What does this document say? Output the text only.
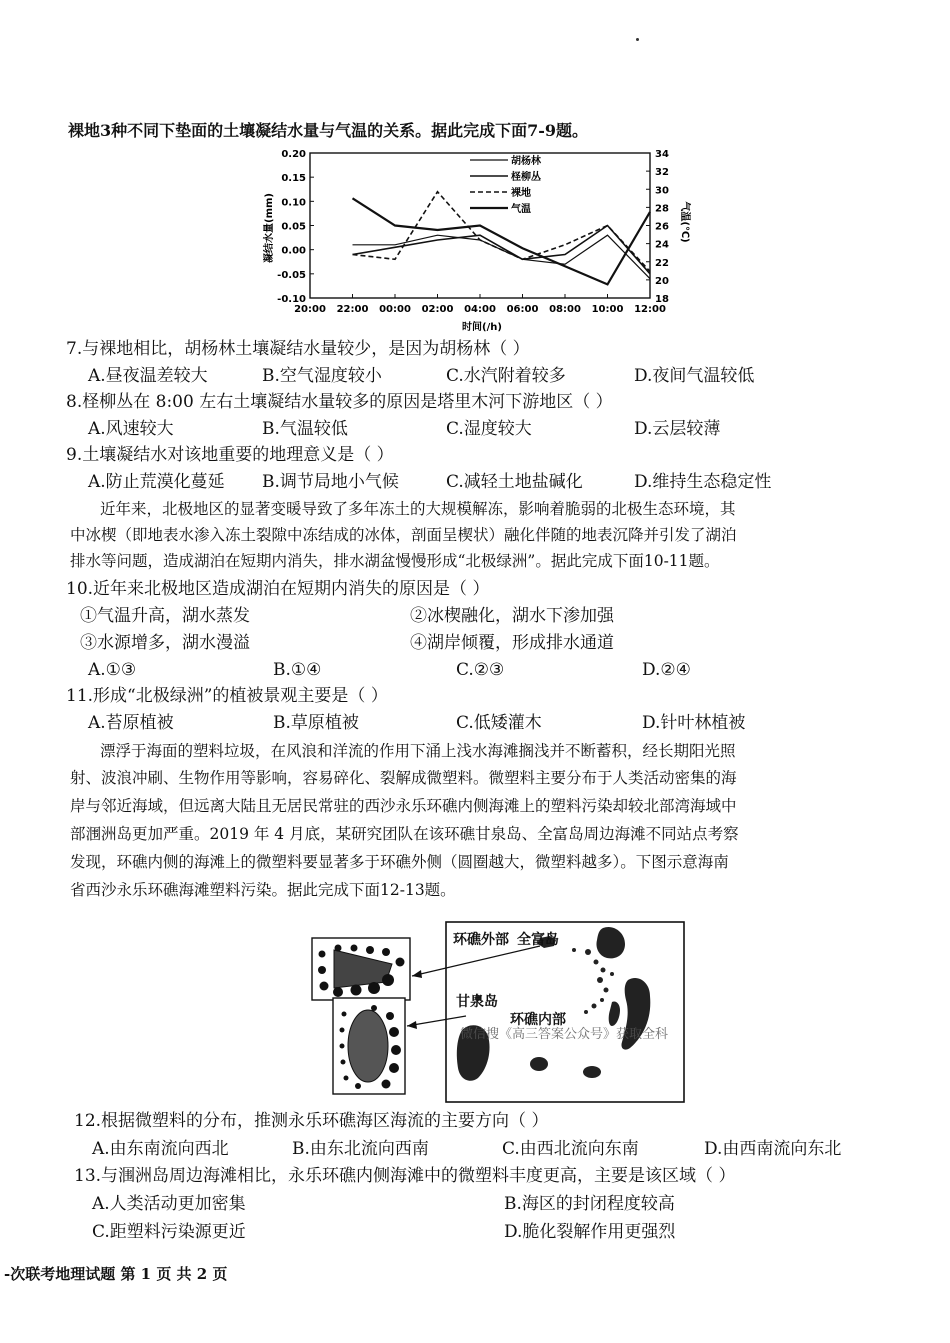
裸地3种不同下垫面的土壤凝结水量与气温的关系。据此完成下面7-9题。
0.20
0.15
0.10
0.05
0.00
-0.05
-0.10
34
32
30
28
26
24
22
20
18
20:00 22:00 00:00 02:00 04:00 06:00 08:00 10:00 12:00
胡杨林
柽柳丛
裸地
气温
凝结水量(mm)	气温(℃)
时间(/h)
7.与裸地相比，胡杨林土壤凝结水量较少，是因为胡杨林（ ）
A.昼夜温差较大	B.空气湿度较小	C.水汽附着较多	D.夜间气温较低
8.柽柳丛在 8:00 左右土壤凝结水量较多的原因是塔里木河下游地区（ ）
A.风速较大	B.气温较低	C.湿度较大	D.云层较薄
9.土壤凝结水对该地重要的地理意义是（ ）
A.防止荒漠化蔓延 B.调节局地小气候	C.减轻土地盐碱化	D.维持生态稳定性
近年来，北极地区的显著变暖导致了多年冻土的大规模解冻，影响着脆弱的北极生态环境，其
中冰楔（即地表水渗入冻土裂隙中冻结成的冰体，剖面呈楔状）融化伴随的地表沉降并引发了湖泊
排水等问题，造成湖泊在短期内消失，排水湖盆慢慢形成“北极绿洲”。据此完成下面10-11题。
10.近年来北极地区造成湖泊在短期内消失的原因是（ ）
①气温升高，湖水蒸发	②冰楔融化，湖水下渗加强
③水源增多，湖水漫溢	④湖岸倾覆，形成排水通道
A.①③	B.①④	C.②③	D.②④
11.形成“北极绿洲”的植被景观主要是（ ）
A.苔原植被	B.草原植被	C.低矮灌木	D.针叶林植被
漂浮于海面的塑料垃圾，在风浪和洋流的作用下涌上浅水海滩搁浅并不断蓄积，经长期阳光照
射、波浪冲刷、生物作用等影响，容易碎化、裂解成微塑料。微塑料主要分布于人类活动密集的海
岸与邻近海域，但远离大陆且无居民常驻的西沙永乐环礁内侧海滩上的塑料污染却较北部湾海域中
部涠洲岛更加严重。2019 年 4 月底，某研究团队在该环礁甘泉岛、全富岛周边海滩不同站点考察
发现，环礁内侧的海滩上的微塑料要显著多于环礁外侧（圆圈越大，微塑料越多）。下图示意海南
省西沙永乐环礁海滩塑料污染。据此完成下面12-13题。
环礁外部 全富岛
甘泉岛
环礁内部
微信搜《高三答案公众号》获取全科
12.根据微塑料的分布，推测永乐环礁海区海流的主要方向（ ）
A.由东南流向西北	B.由东北流向西南	C.由西北流向东南	D.由西南流向东北
13.与涠洲岛周边海滩相比，永乐环礁内侧海滩中的微塑料丰度更高，主要是该区域（ ）
A.人类活动更加密集	B.海区的封闭程度较高
C.距塑料污染源更近	D.脆化裂解作用更强烈
-次联考地理试题 第 1 页 共 2 页
